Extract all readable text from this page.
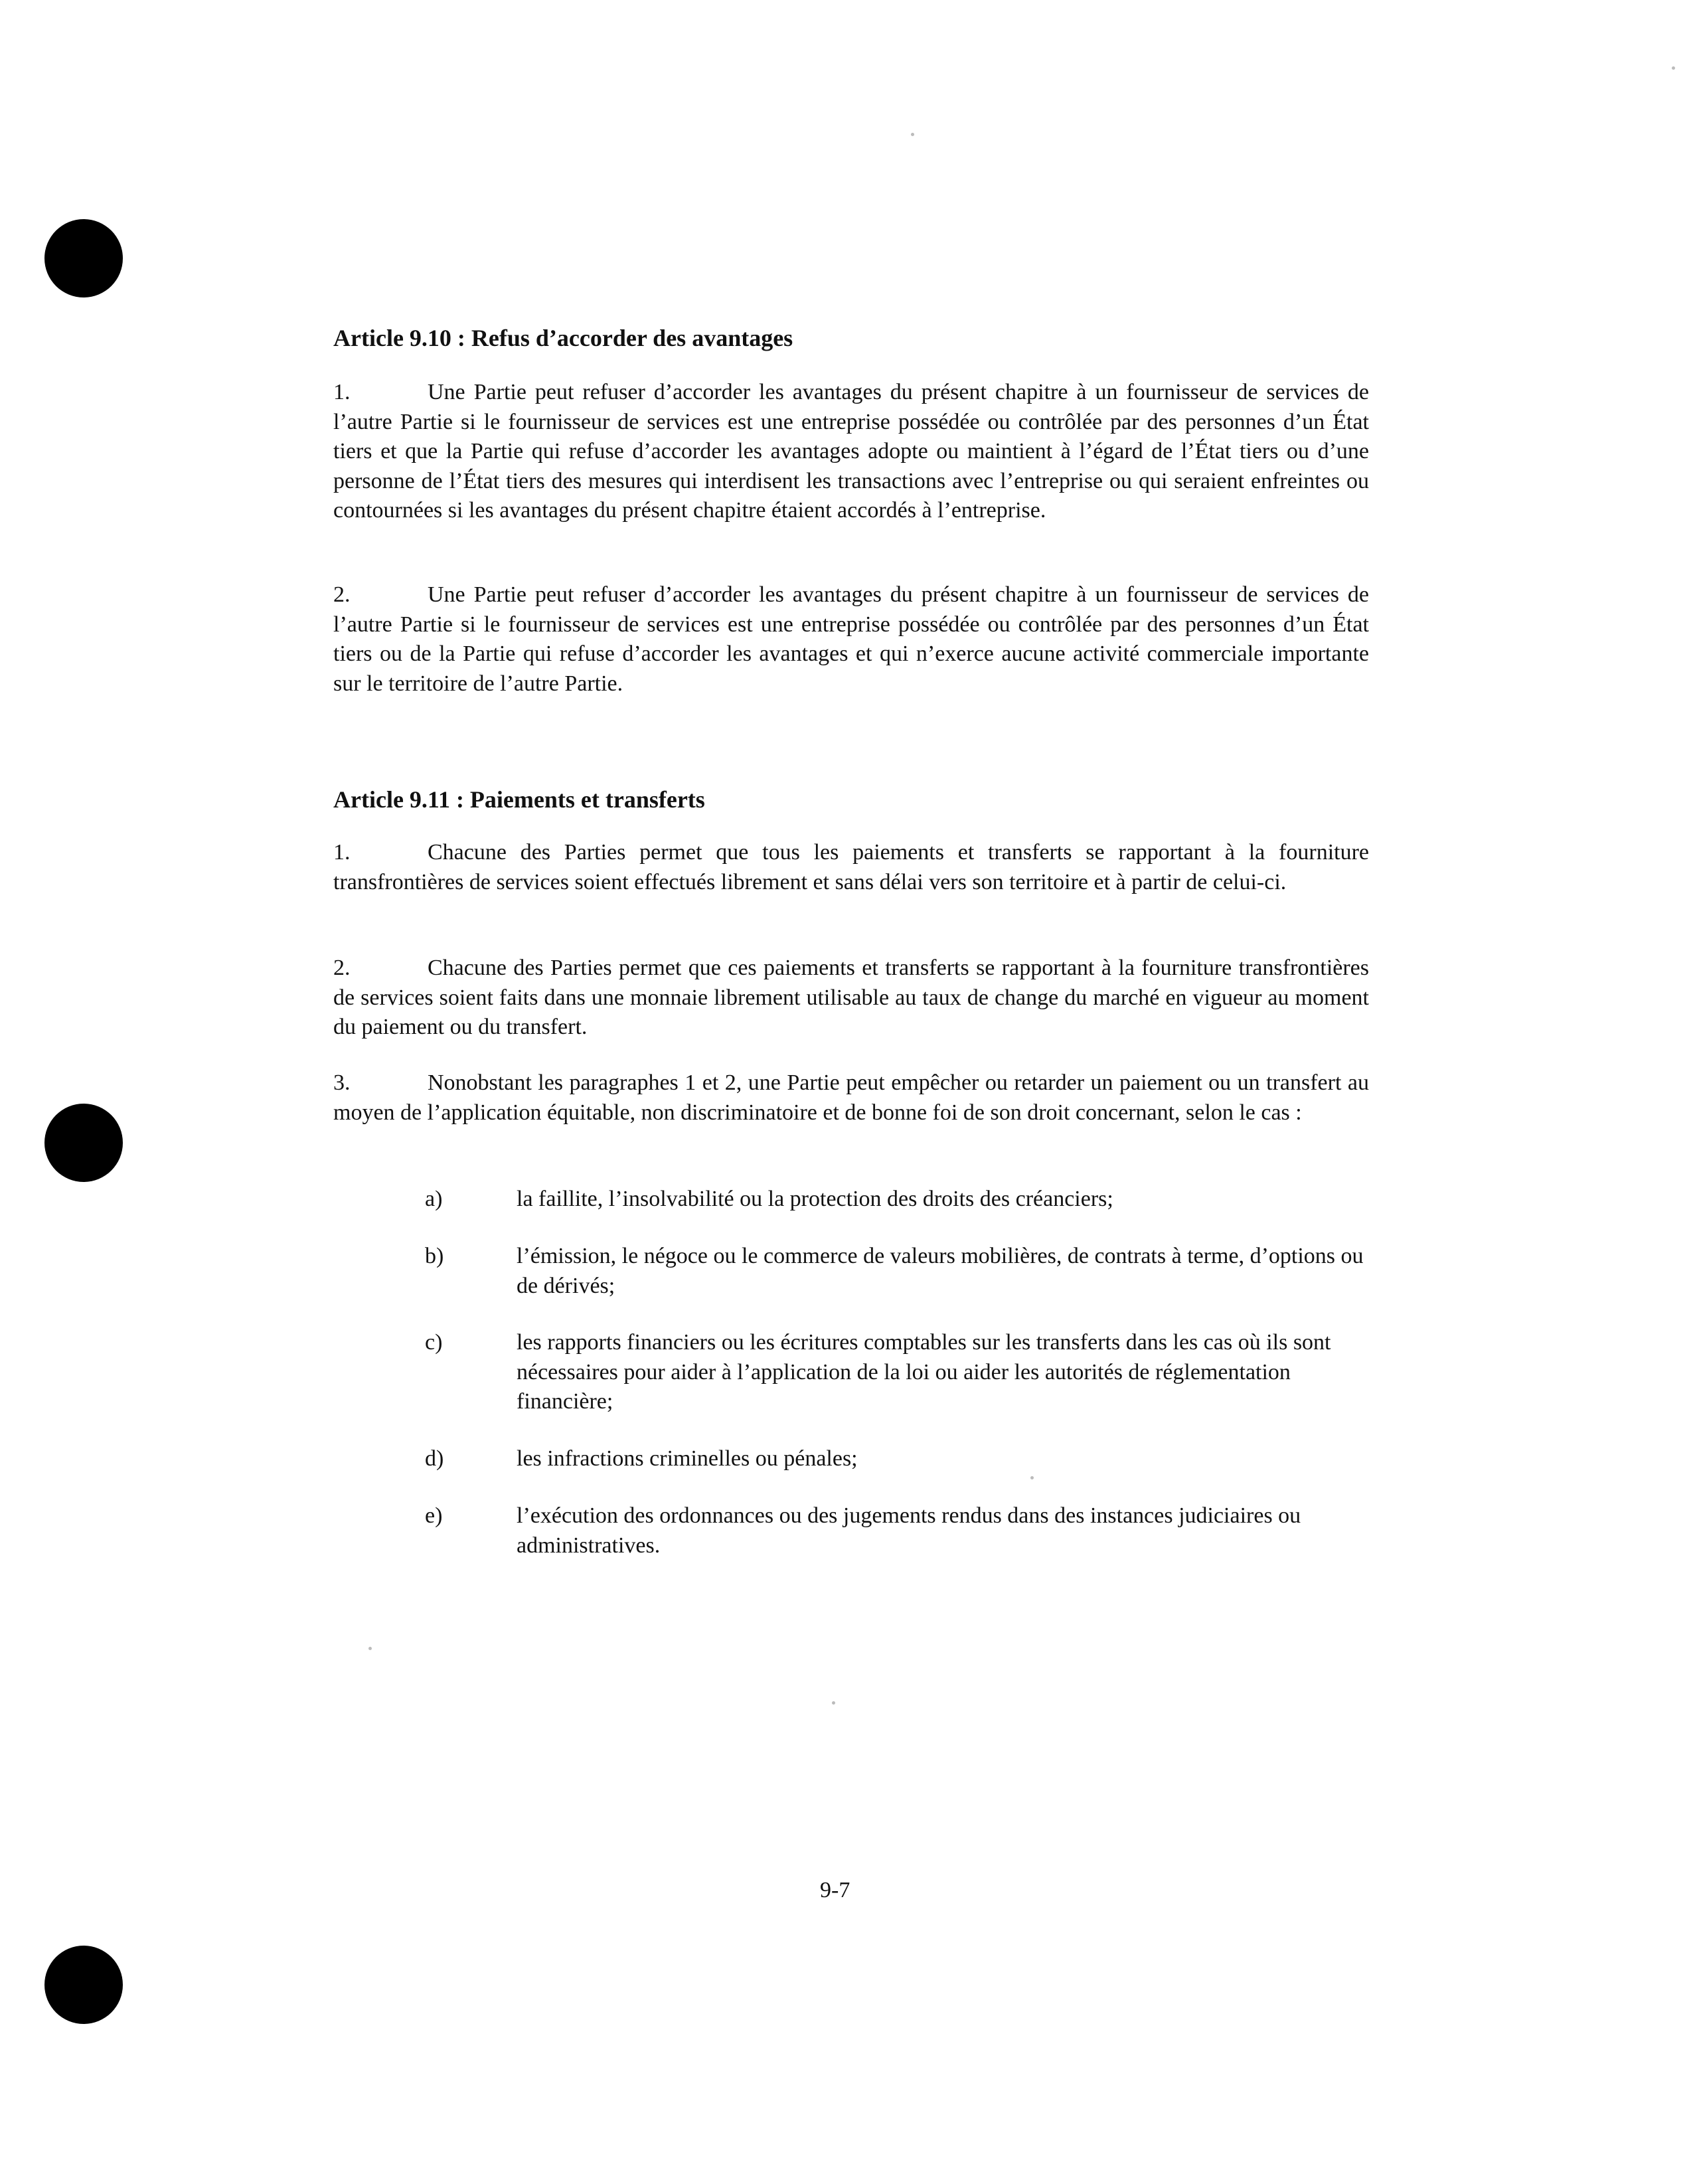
Article 9.10 : Refus d’accorder des avantages
1.	Une Partie peut refuser d’accorder les avantages du présent chapitre à un fournisseur de services de l’autre Partie si le fournisseur de services est une entreprise possédée ou contrôlée par des personnes d’un État tiers et que la Partie qui refuse d’accorder les avantages adopte ou maintient à l’égard de l’État tiers ou d’une personne de l’État tiers des mesures qui interdisent les transactions avec l’entreprise ou qui seraient enfreintes ou contournées si les avantages du présent chapitre étaient accordés à l’entreprise.
2.	Une Partie peut refuser d’accorder les avantages du présent chapitre à un fournisseur de services de l’autre Partie si le fournisseur de services est une entreprise possédée ou contrôlée par des personnes d’un État tiers ou de la Partie qui refuse d’accorder les avantages et qui n’exerce aucune activité commerciale importante sur le territoire de l’autre Partie.
Article 9.11 : Paiements et transferts
1.	Chacune des Parties permet que tous les paiements et transferts se rapportant à la fourniture transfrontières de services soient effectués librement et sans délai vers son territoire et à partir de celui-ci.
2.	Chacune des Parties permet que ces paiements et transferts se rapportant à la fourniture transfrontières de services soient faits dans une monnaie librement utilisable au taux de change du marché en vigueur au moment du paiement ou du transfert.
3.	Nonobstant les paragraphes 1 et 2, une Partie peut empêcher ou retarder un paiement ou un transfert au moyen de l’application équitable, non discriminatoire et de bonne foi de son droit concernant, selon le cas :
a)	la faillite, l’insolvabilité ou la protection des droits des créanciers;
b)	l’émission, le négoce ou le commerce de valeurs mobilières, de contrats à terme, d’options ou de dérivés;
c)	les rapports financiers ou les écritures comptables sur les transferts dans les cas où ils sont nécessaires pour aider à l’application de la loi ou aider les autorités de réglementation financière;
d)	les infractions criminelles ou pénales;
e)	l’exécution des ordonnances ou des jugements rendus dans des instances judiciaires ou administratives.
9-7
